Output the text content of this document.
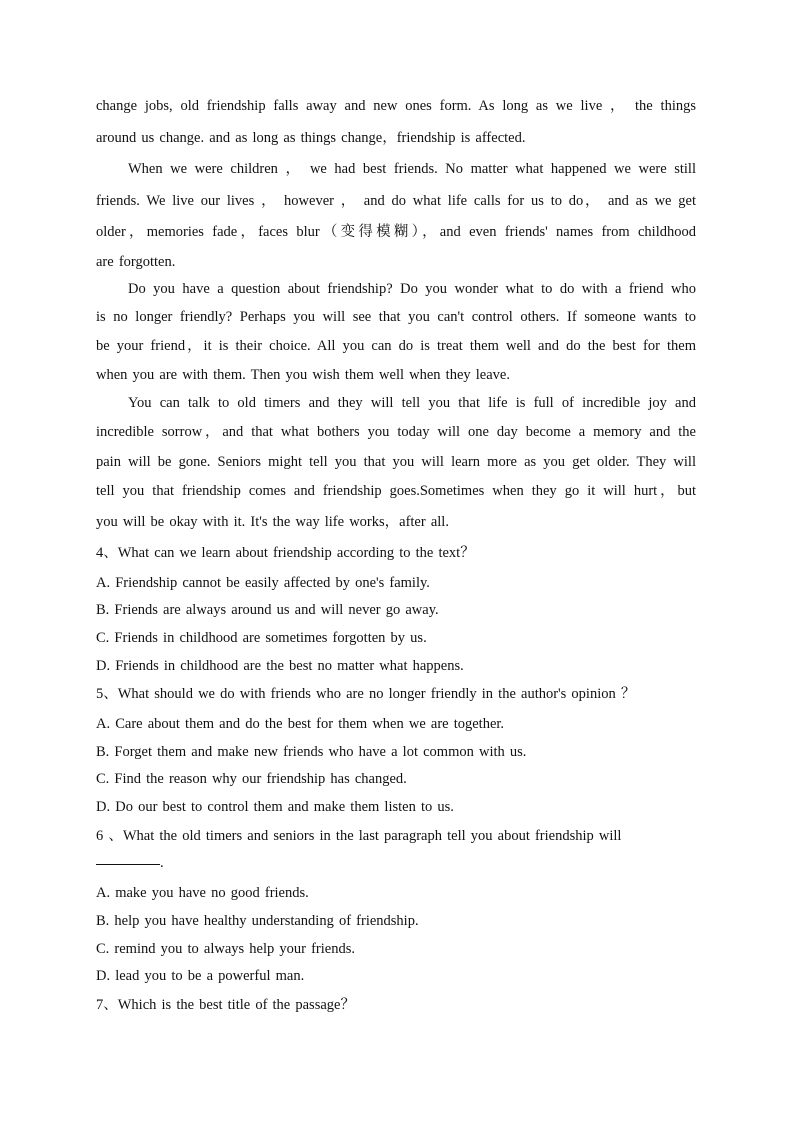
change jobs, old friendship falls away and new ones form. As long as we live ， the things
around us change. and as long as things change，friendship is affected.
When we were children ， we had best friends. No matter what happened we were still
friends. We live our lives ， however ， and do what life calls for us to do， and as we get
older，memories fade，faces blur（变得模糊），and even friends' names from childhood
are forgotten.
Do you have a question about friendship? Do you wonder what to do with a friend who
is no longer friendly? Perhaps you will see that you can't control others. If someone wants to
be your friend，it is their choice. All you can do is treat them well and do the best for them
when you are with them. Then you wish them well when they leave.
You can talk to old timers and they will tell you that life is full of incredible joy and
incredible sorrow，and that what bothers you today will one day become a memory and the
pain will be gone. Seniors might tell you that you will learn more as you get older. They will
tell you that friendship comes and friendship goes.Sometimes when they go it will hurt，but
you will be okay with it. It's the way life works，after all.
4、What can we learn about friendship according to the text？
A. Friendship cannot be easily affected by one's family.
B. Friends are always around us and will never go away.
C. Friends in childhood are sometimes forgotten by us.
D. Friends in childhood are the best no matter what happens.
5、What should we do with friends who are no longer friendly in the author's opinion ？
A. Care about them and do the best for them when we are together.
B. Forget them and make new friends who have a lot common with us.
C. Find the reason why our friendship has changed.
D. Do our best to control them and make them listen to us.
6 、What the old timers and seniors in the last paragraph tell you about friendship will
.
A. make you have no good friends.
B. help you have healthy understanding of friendship.
C. remind you to always help your friends.
D. lead you to be a powerful man.
7、Which is the best title of the passage？
